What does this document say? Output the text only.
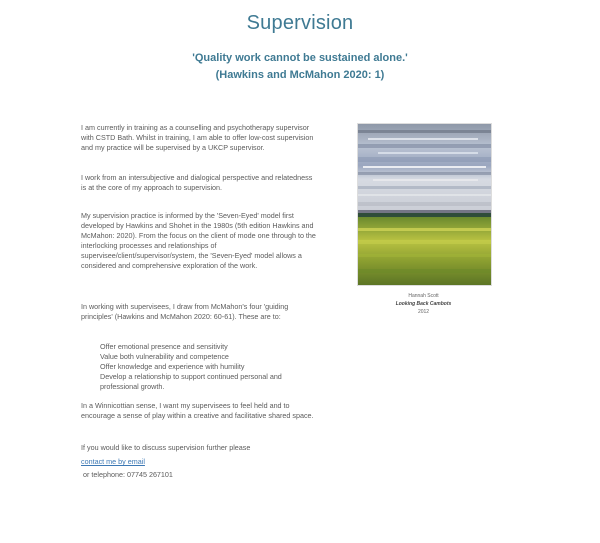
Supervision
'Quality work cannot be sustained alone.'
(Hawkins and McMahon 2020: 1)

I am currently in training as a counselling and psychotherapy supervisor with CSTD Bath. Whilst in training, I am able to offer low-cost supervision and my practice will be supervised by a UKCP supervisor.

I work from an intersubjective and dialogical perspective and relatedness is at the core of my approach to supervision.

My supervision practice is informed by the 'Seven-Eyed' model first developed by Hawkins and Shohet in the 1980s (5th edition Hawkins and McMahon: 2020). From the focus on the client of mode one through to the interlocking processes and relationships of supervisee/client/supervisor/system, the 'Seven-Eyed' model allows a considered and comprehensive exploration of the work.

In working with supervisees, I draw from McMahon's four 'guiding principles' (Hawkins and McMahon 2020: 60-61). These are to:

Offer emotional presence and sensitivity
Value both vulnerability and competence
Offer knowledge and experience with humility
Develop a relationship to support continued personal and professional growth.

In a Winnicottian sense, I want my supervisees to feel held and to encourage a sense of play within a creative and facilitative shared space.

If you would like to discuss supervision further please

contact me by email

or telephone: 07745 267101

Hannah Scott
Looking Back Cambots
2012
